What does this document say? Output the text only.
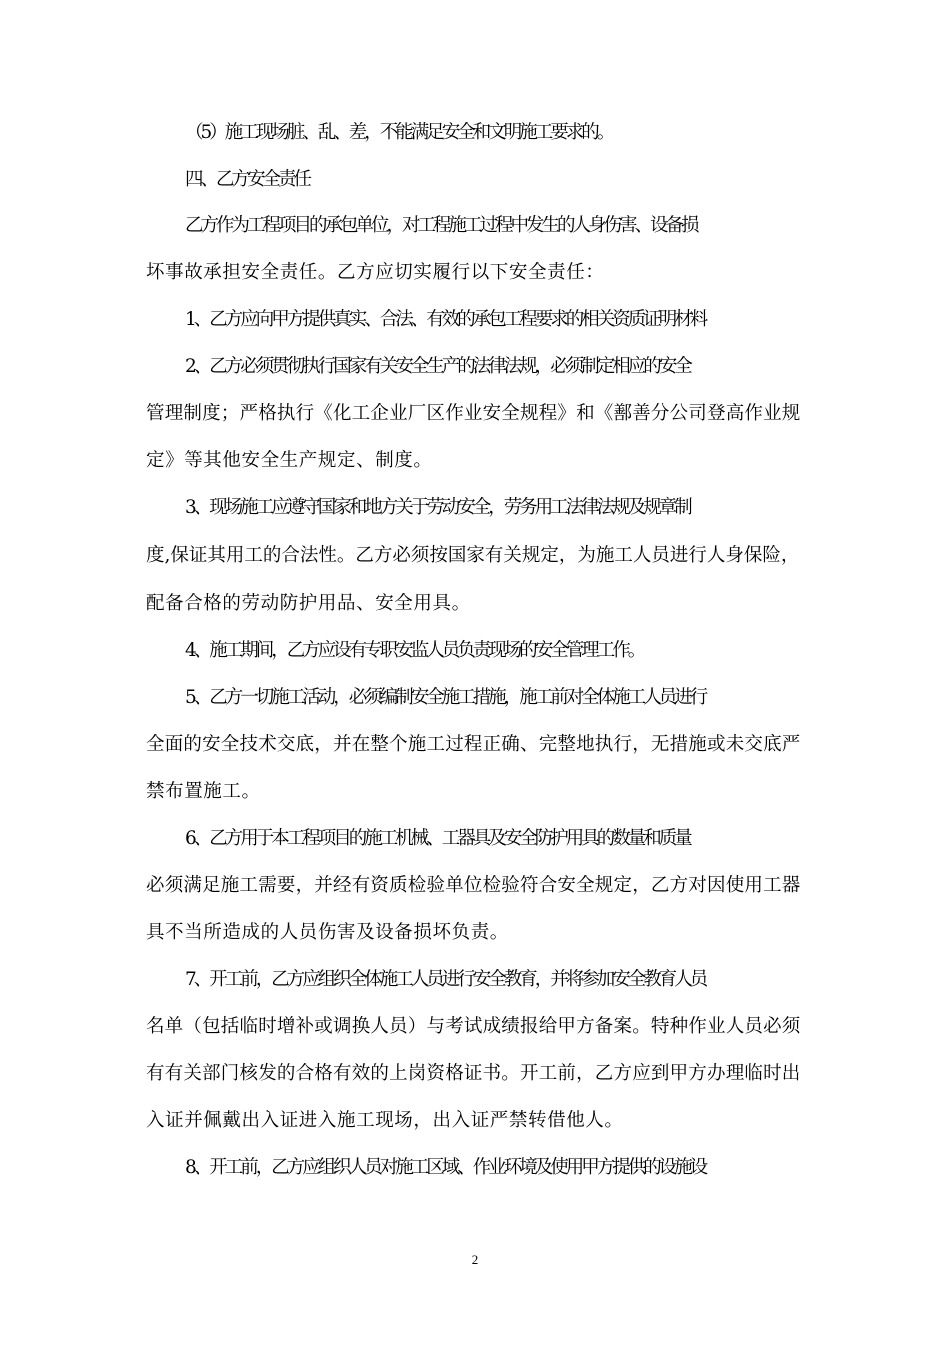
（5）施工现场脏、乱、差，不能满足安全和文明施工要求的。
四、乙方安全责任
乙方作为工程项目的承包单位，对工程施工过程中发生的人身伤害、设备损
坏事故承担安全责任。乙方应切实履行以下安全责任：
1、乙方应向甲方提供真实、合法、有效的承包工程要求的相关资质证明材料
2、乙方必须贯彻执行国家有关安全生产的法律法规，必须制定相应的安全
管理制度；严格执行《化工企业厂区作业安全规程》和《鄯善分公司登高作业规
定》等其他安全生产规定、制度。
3、现场施工应遵守国家和地方关于劳动安全，劳务用工法律法规及规章制
度,保证其用工的合法性。乙方必须按国家有关规定，为施工人员进行人身保险，
配备合格的劳动防护用品、安全用具。
4、施工期间，乙方应设有专职安监人员负责现场的安全管理工作。
5、乙方一切施工活动，必须编制安全施工措施，施工前对全体施工人员进行
全面的安全技术交底，并在整个施工过程正确、完整地执行，无措施或未交底严
禁布置施工。
6、乙方用于本工程项目的施工机械、工器具及安全防护用具的数量和质量
必须满足施工需要，并经有资质检验单位检验符合安全规定，乙方对因使用工器
具不当所造成的人员伤害及设备损坏负责。
7、开工前，乙方应组织全体施工人员进行安全教育，并将参加安全教育人员
名单（包括临时增补或调换人员）与考试成绩报给甲方备案。特种作业人员必须
有有关部门核发的合格有效的上岗资格证书。开工前，乙方应到甲方办理临时出
入证并佩戴出入证进入施工现场，出入证严禁转借他人。
8、开工前，乙方应组织人员对施工区域、作业环境及使用甲方提供的设施设
2
